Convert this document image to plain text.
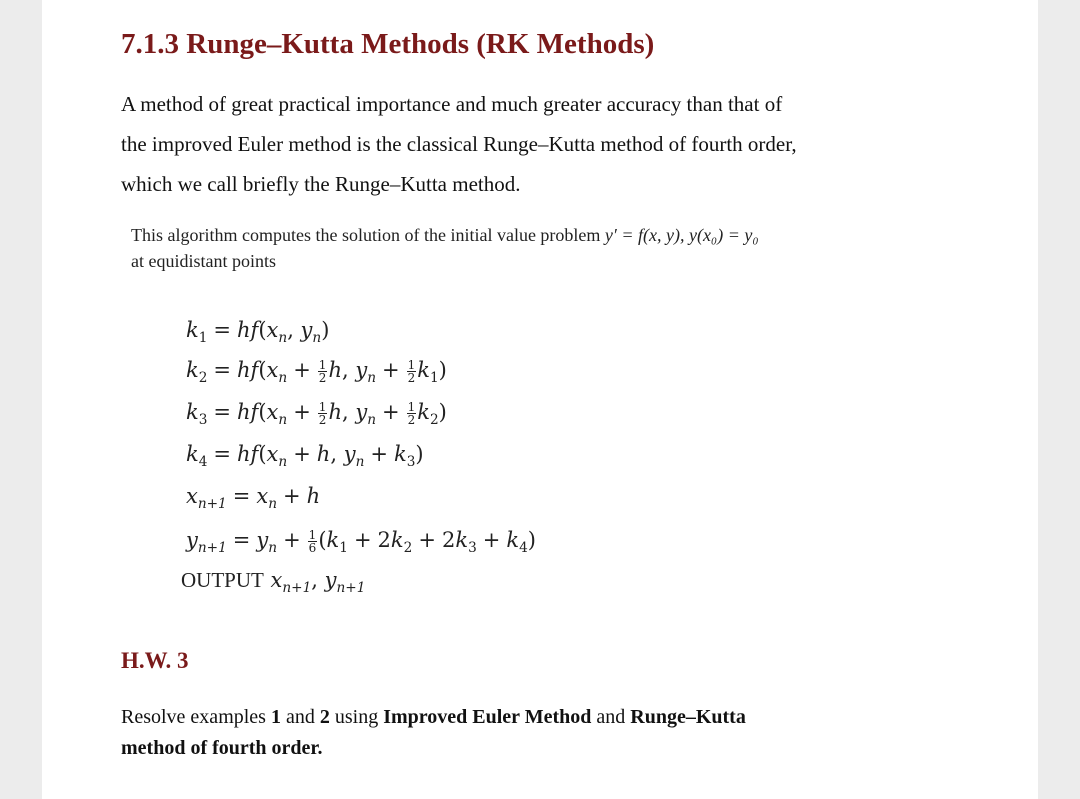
7.1.3 Runge–Kutta Methods (RK Methods)
A method of great practical importance and much greater accuracy than that of
the improved Euler method is the classical Runge–Kutta method of fourth order,
which we call briefly the Runge–Kutta method.
This algorithm computes the solution of the initial value problem y′ = f(x, y), y(x₀) = y₀
at equidistant points
$k_1 = hf(x_n$, $y_n$)
$k_2 = hf(x_n + \frac{1}{2} h$, $y_n + \frac{1}{2} k_1$)
$k_3 = hf(x_n + \frac{1}{2} h$, $y_n + \frac{1}{2} k_2$)
$k_4 = hf(x_n + h$, $y_n + k_3$)
$x_{n+1} = x_n + h$
$y_{n+1} = y_n + \frac{1}{6} (k_1 + 2k_2 + 2k_3 + k_4)$
OUTPUT $x_{n+1}$, $y_{n+1}$
H.W. 3
Resolve examples 1 and 2 using Improved Euler Method and Runge–Kutta
method of fourth order.
